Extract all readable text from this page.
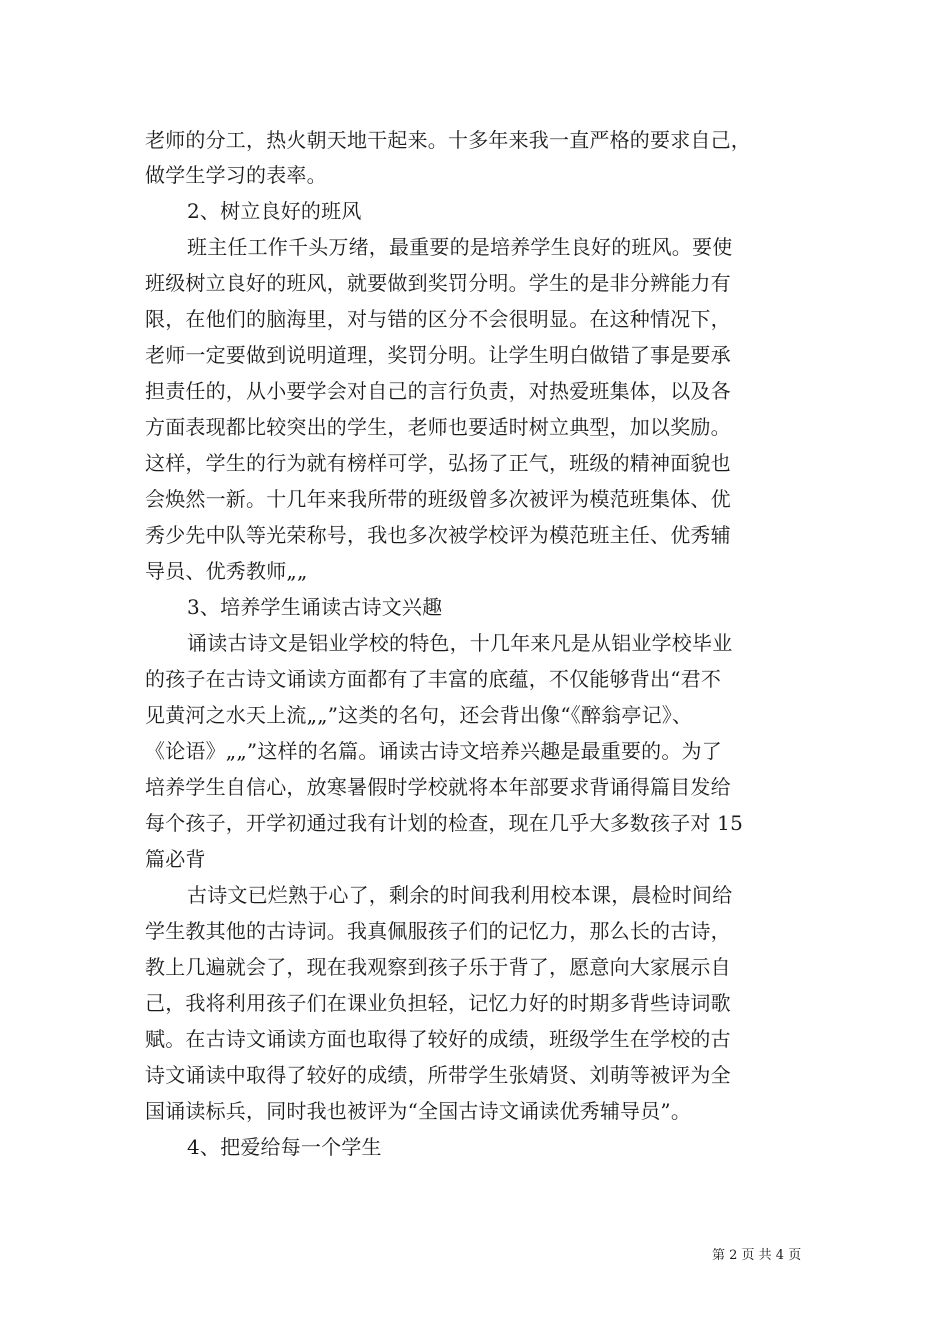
老师的分工，热火朝天地干起来。十多年来我一直严格的要求自己，
做学生学习的表率。
2、树立良好的班风
班主任工作千头万绪，最重要的是培养学生良好的班风。要使
班级树立良好的班风，就要做到奖罚分明。学生的是非分辨能力有
限，在他们的脑海里，对与错的区分不会很明显。在这种情况下，
老师一定要做到说明道理，奖罚分明。让学生明白做错了事是要承
担责任的，从小要学会对自己的言行负责，对热爱班集体，以及各
方面表现都比较突出的学生，老师也要适时树立典型，加以奖励。
这样，学生的行为就有榜样可学，弘扬了正气，班级的精神面貌也
会焕然一新。十几年来我所带的班级曾多次被评为模范班集体、优
秀少先中队等光荣称号，我也多次被学校评为模范班主任、优秀辅
导员、优秀教师„„
3、培养学生诵读古诗文兴趣
诵读古诗文是铝业学校的特色，十几年来凡是从铝业学校毕业
的孩子在古诗文诵读方面都有了丰富的底蕴，不仅能够背出“君不
见黄河之水天上流„„”这类的名句，还会背出像“《醉翁亭记》、
《论语》„„”这样的名篇。诵读古诗文培养兴趣是最重要的。为了
培养学生自信心，放寒暑假时学校就将本年部要求背诵得篇目发给
每个孩子，开学初通过我有计划的检查，现在几乎大多数孩子对 15
篇必背
古诗文已烂熟于心了，剩余的时间我利用校本课，晨检时间给
学生教其他的古诗词。我真佩服孩子们的记忆力，那么长的古诗，
教上几遍就会了，现在我观察到孩子乐于背了，愿意向大家展示自
己，我将利用孩子们在课业负担轻，记忆力好的时期多背些诗词歌
赋。在古诗文诵读方面也取得了较好的成绩，班级学生在学校的古
诗文诵读中取得了较好的成绩，所带学生张婧贤、刘萌等被评为全
国诵读标兵，同时我也被评为“全国古诗文诵读优秀辅导员”。
4、把爱给每一个学生
第 2 页 共 4 页
